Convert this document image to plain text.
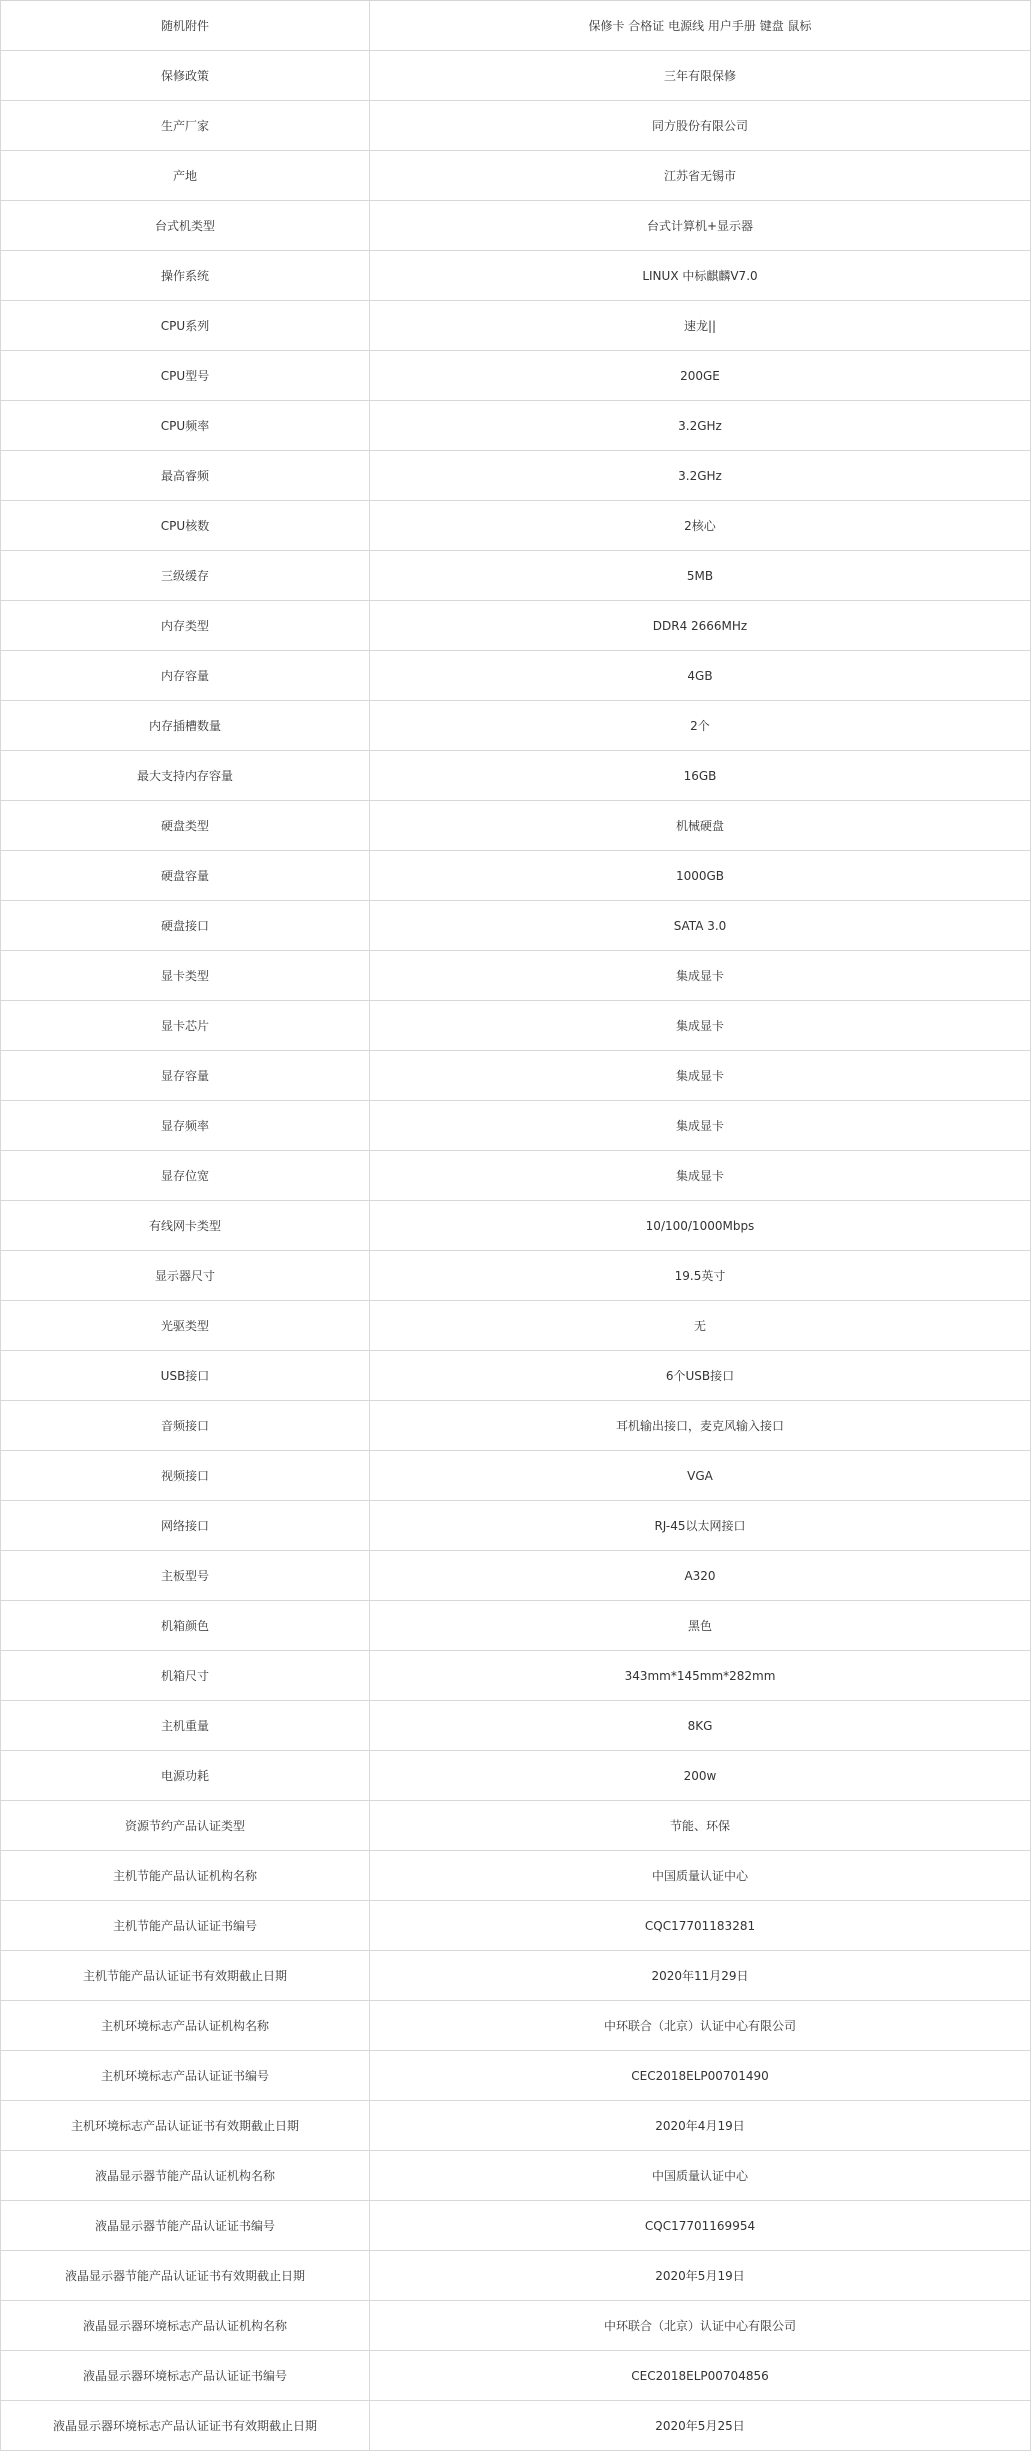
随机附件	保修卡 合格证 电源线 用户手册 键盘 鼠标
保修政策	三年有限保修
生产厂家	同方股份有限公司
产地	江苏省无锡市
台式机类型	台式计算机+显示器
操作系统	LINUX 中标麒麟V7.0
CPU系列	速龙||
CPU型号	200GE
CPU频率	3.2GHz
最高睿频	3.2GHz
CPU核数	2核心
三级缓存	5MB
内存类型	DDR4 2666MHz
内存容量	4GB
内存插槽数量	2个
最大支持内存容量	16GB
硬盘类型	机械硬盘
硬盘容量	1000GB
硬盘接口	SATA 3.0
显卡类型	集成显卡
显卡芯片	集成显卡
显存容量	集成显卡
显存频率	集成显卡
显存位宽	集成显卡
有线网卡类型	10/100/1000Mbps
显示器尺寸	19.5英寸
光驱类型	无
USB接口	6个USB接口
音频接口	耳机输出接口，麦克风输入接口
视频接口	VGA
网络接口	RJ-45以太网接口
主板型号	A320
机箱颜色	黑色
机箱尺寸	343mm*145mm*282mm
主机重量	8KG
电源功耗	200w
资源节约产品认证类型	节能、环保
主机节能产品认证机构名称	中国质量认证中心
主机节能产品认证证书编号	CQC17701183281
主机节能产品认证证书有效期截止日期	2020年11月29日
主机环境标志产品认证机构名称	中环联合（北京）认证中心有限公司
主机环境标志产品认证证书编号	CEC2018ELP00701490
主机环境标志产品认证证书有效期截止日期	2020年4月19日
液晶显示器节能产品认证机构名称	中国质量认证中心
液晶显示器节能产品认证证书编号	CQC17701169954
液晶显示器节能产品认证证书有效期截止日期	2020年5月19日
液晶显示器环境标志产品认证机构名称	中环联合（北京）认证中心有限公司
液晶显示器环境标志产品认证证书编号	CEC2018ELP00704856
液晶显示器环境标志产品认证证书有效期截止日期	2020年5月25日
